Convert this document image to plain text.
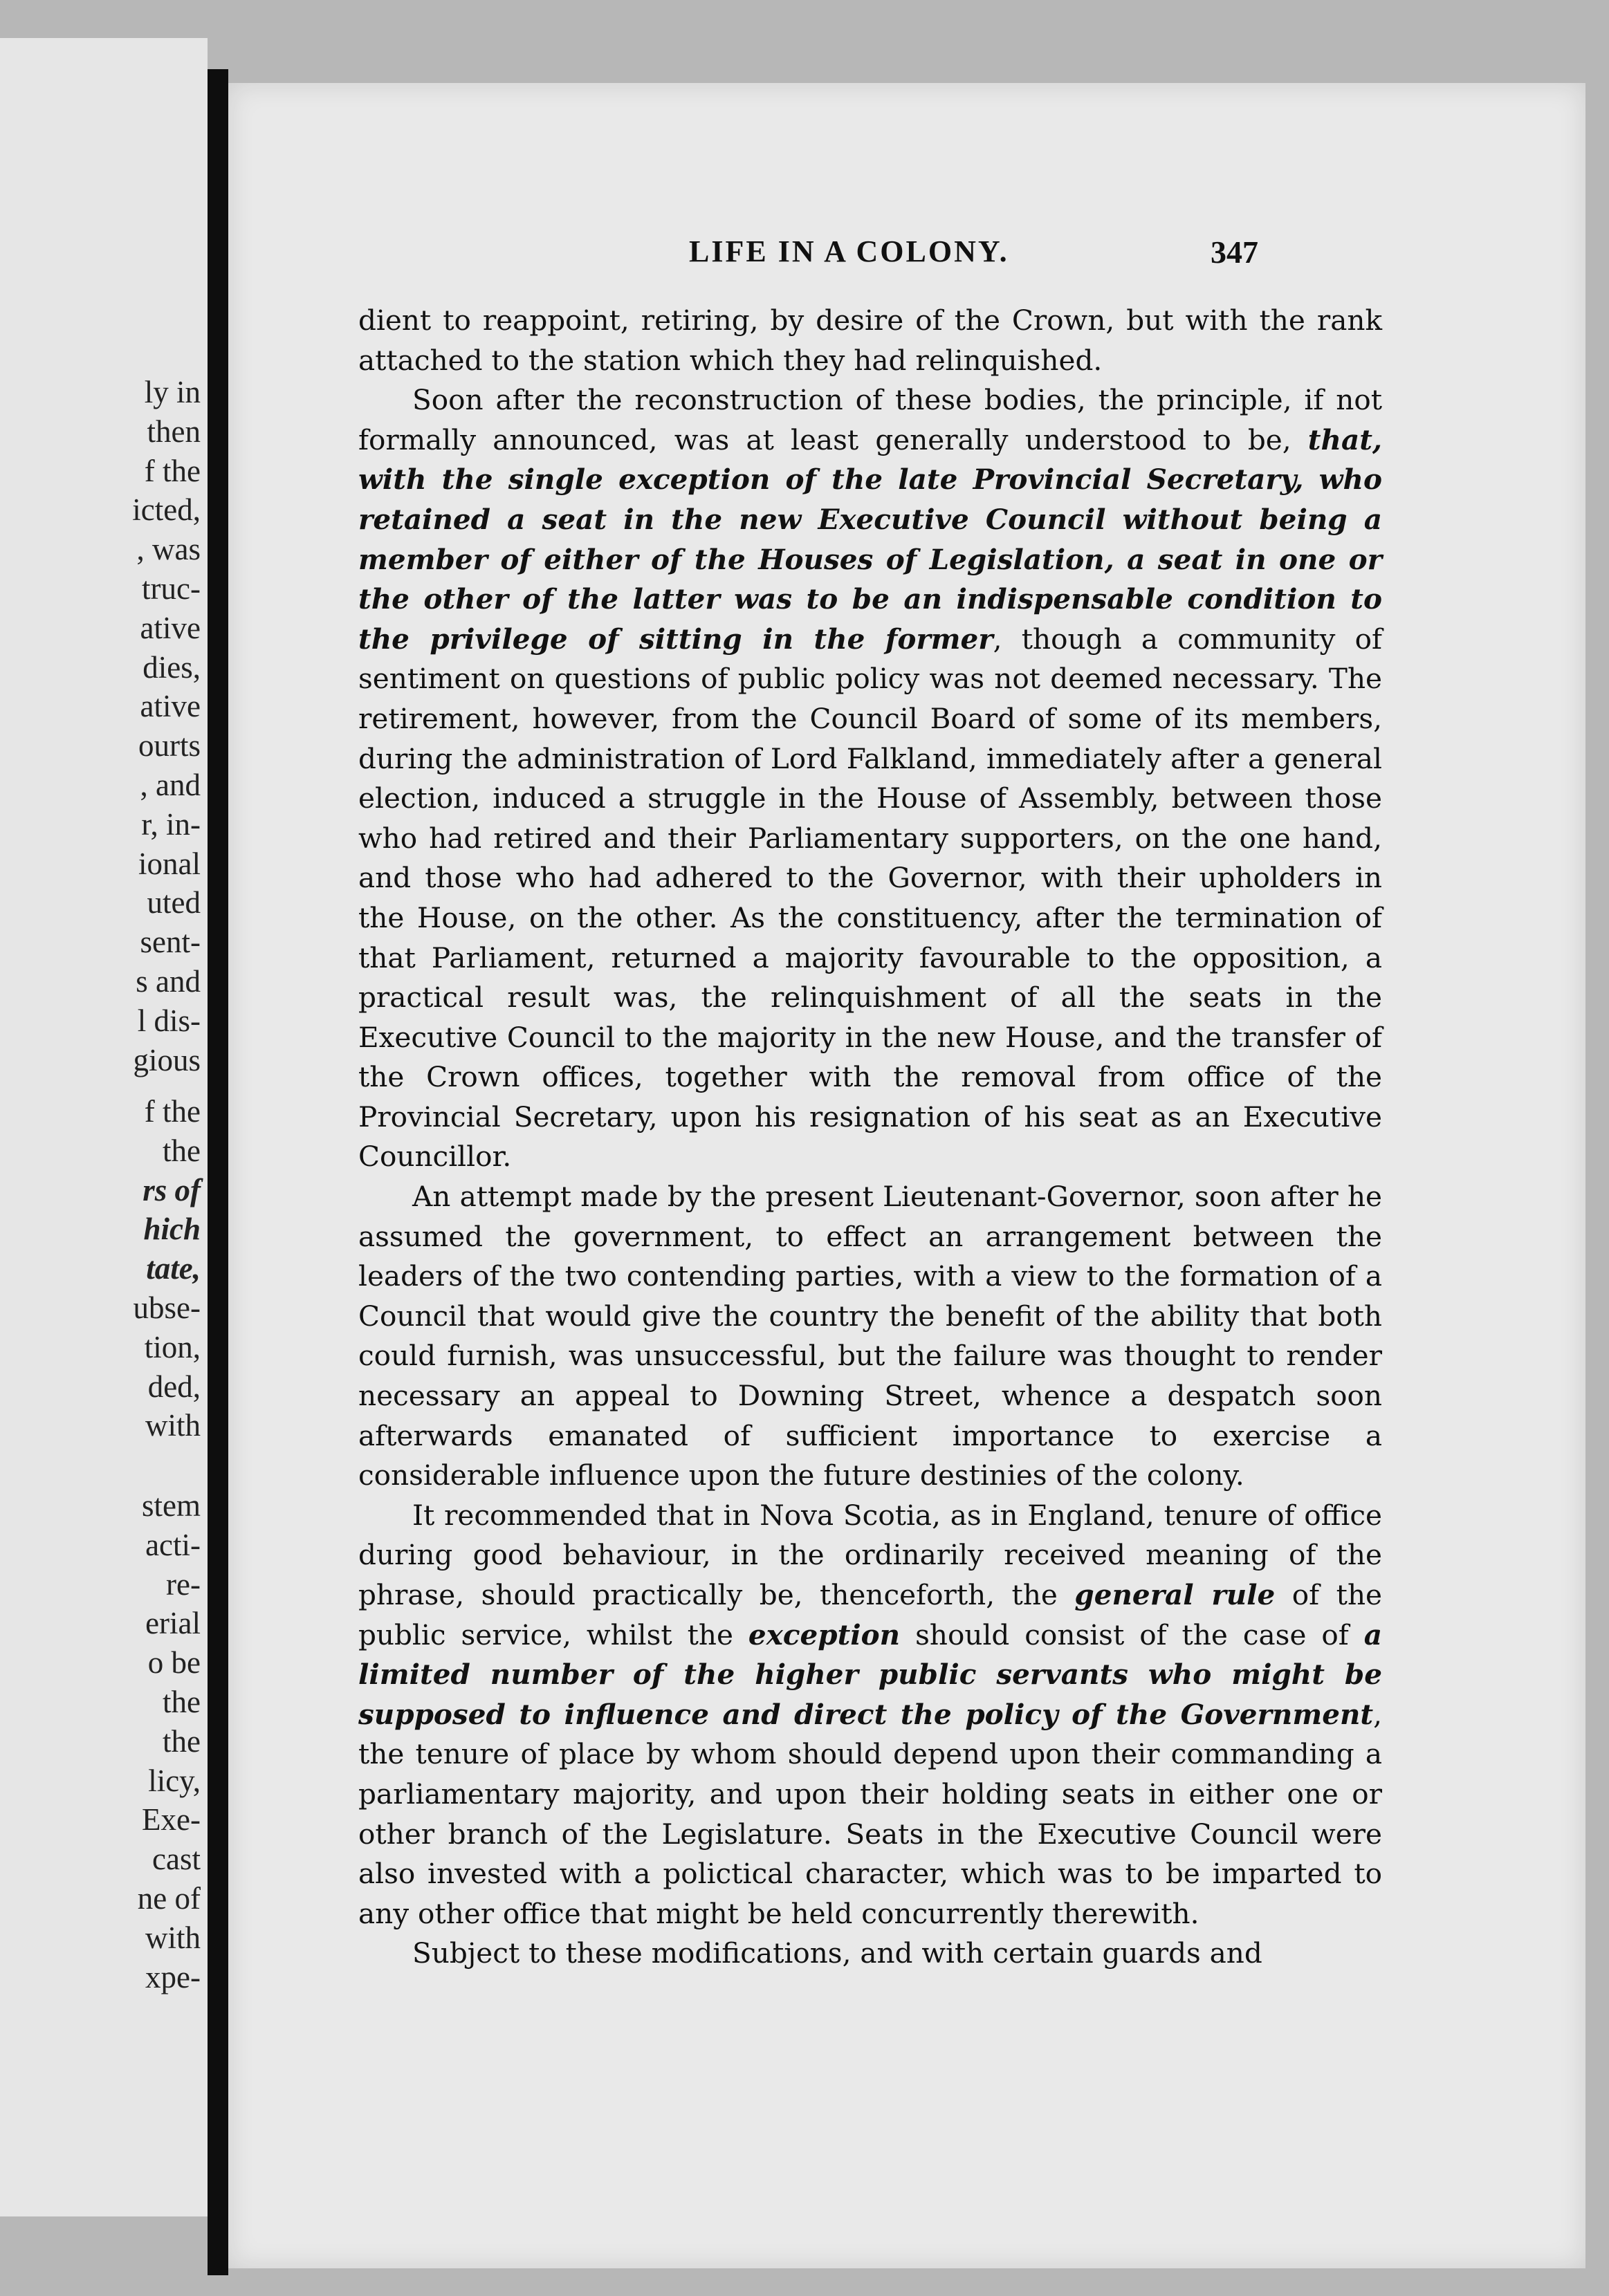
ly in

then

f the

icted,

, was

truc-

ative

dies,

ative

ourts

, and

r, in-

ional

uted

sent-

s and

l dis-

gious

f the

the

rs of

hich

tate,

ubse-

tion,

ded,

with

stem

acti-

re-

erial

o be

the

the

licy,

Exe-

cast

ne of

with

xpe-

LIFE IN A COLONY.	347

dient to reappoint, retiring, by desire of the Crown, but with the rank attached to the station which they had relinquished.

Soon after the reconstruction of these bodies, the principle, if not formally announced, was at least generally understood to be, that, with the single exception of the late Provincial Secretary, who retained a seat in the new Executive Council without being a member of either of the Houses of Legislation, a seat in one or the other of the latter was to be an indispensable condition to the privilege of sitting in the former, though a community of sentiment on questions of public policy was not deemed necessary. The retirement, however, from the Council Board of some of its members, during the administration of Lord Falkland, immediately after a general election, induced a struggle in the House of Assembly, between those who had retired and their Parliamentary supporters, on the one hand, and those who had adhered to the Governor, with their upholders in the House, on the other. As the constituency, after the termination of that Parliament, returned a majority favourable to the opposition, a practical result was, the relinquishment of all the seats in the Executive Council to the majority in the new House, and the transfer of the Crown offices, together with the removal from office of the Provincial Secretary, upon his resignation of his seat as an Executive Councillor.

An attempt made by the present Lieutenant-Governor, soon after he assumed the government, to effect an arrangement between the leaders of the two contending parties, with a view to the formation of a Council that would give the country the benefit of the ability that both could furnish, was unsuccessful, but the failure was thought to render necessary an appeal to Downing Street, whence a despatch soon afterwards emanated of sufficient importance to exercise a considerable influence upon the future destinies of the colony.

It recommended that in Nova Scotia, as in England, tenure of office during good behaviour, in the ordinarily received meaning of the phrase, should practically be, thenceforth, the general rule of the public service, whilst the exception should consist of the case of a limited number of the higher public servants who might be supposed to influence and direct the policy of the Government, the tenure of place by whom should depend upon their commanding a parliamentary majority, and upon their holding seats in either one or other branch of the Legislature. Seats in the Executive Council were also invested with a polictical character, which was to be imparted to any other office that might be held concurrently therewith.

Subject to these modifications, and with certain guards and
